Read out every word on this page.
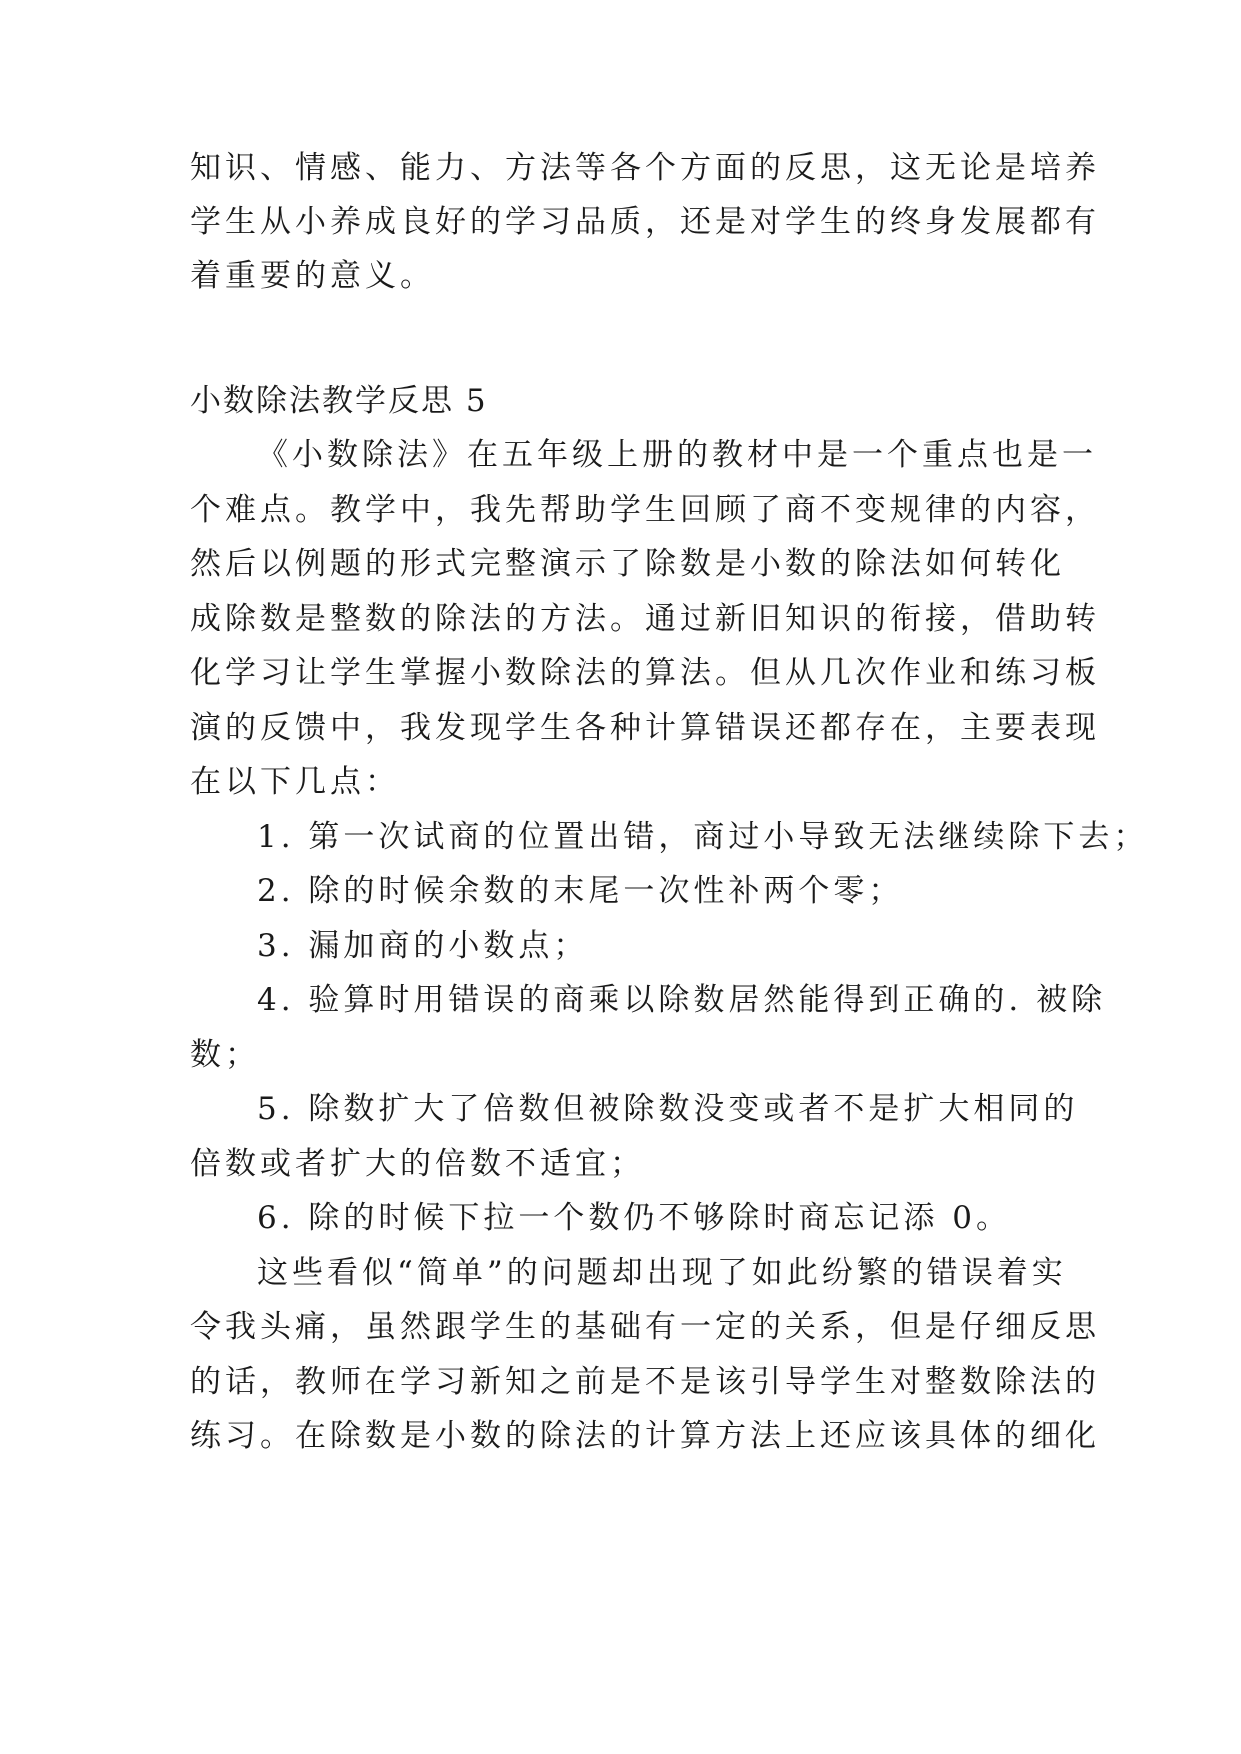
知识、情感、能力、方法等各个方面的反思，这无论是培养
学生从小养成良好的学习品质，还是对学生的终身发展都有
着重要的意义。
小数除法教学反思 5
《小数除法》在五年级上册的教材中是一个重点也是一
个难点。教学中，我先帮助学生回顾了商不变规律的内容，
然后以例题的形式完整演示了除数是小数的除法如何转化
成除数是整数的除法的方法。通过新旧知识的衔接，借助转
化学习让学生掌握小数除法的算法。但从几次作业和练习板
演的反馈中，我发现学生各种计算错误还都存在，主要表现
在以下几点：
1. 第一次试商的位置出错，商过小导致无法继续除下去；
2. 除的时候余数的末尾一次性补两个零；
3. 漏加商的小数点；
4. 验算时用错误的商乘以除数居然能得到正确的. 被除
数；
5. 除数扩大了倍数但被除数没变或者不是扩大相同的
倍数或者扩大的倍数不适宜；
6. 除的时候下拉一个数仍不够除时商忘记添 0。
这些看似“简单”的问题却出现了如此纷繁的错误着实
令我头痛，虽然跟学生的基础有一定的关系，但是仔细反思
的话，教师在学习新知之前是不是该引导学生对整数除法的
练习。在除数是小数的除法的计算方法上还应该具体的细化
